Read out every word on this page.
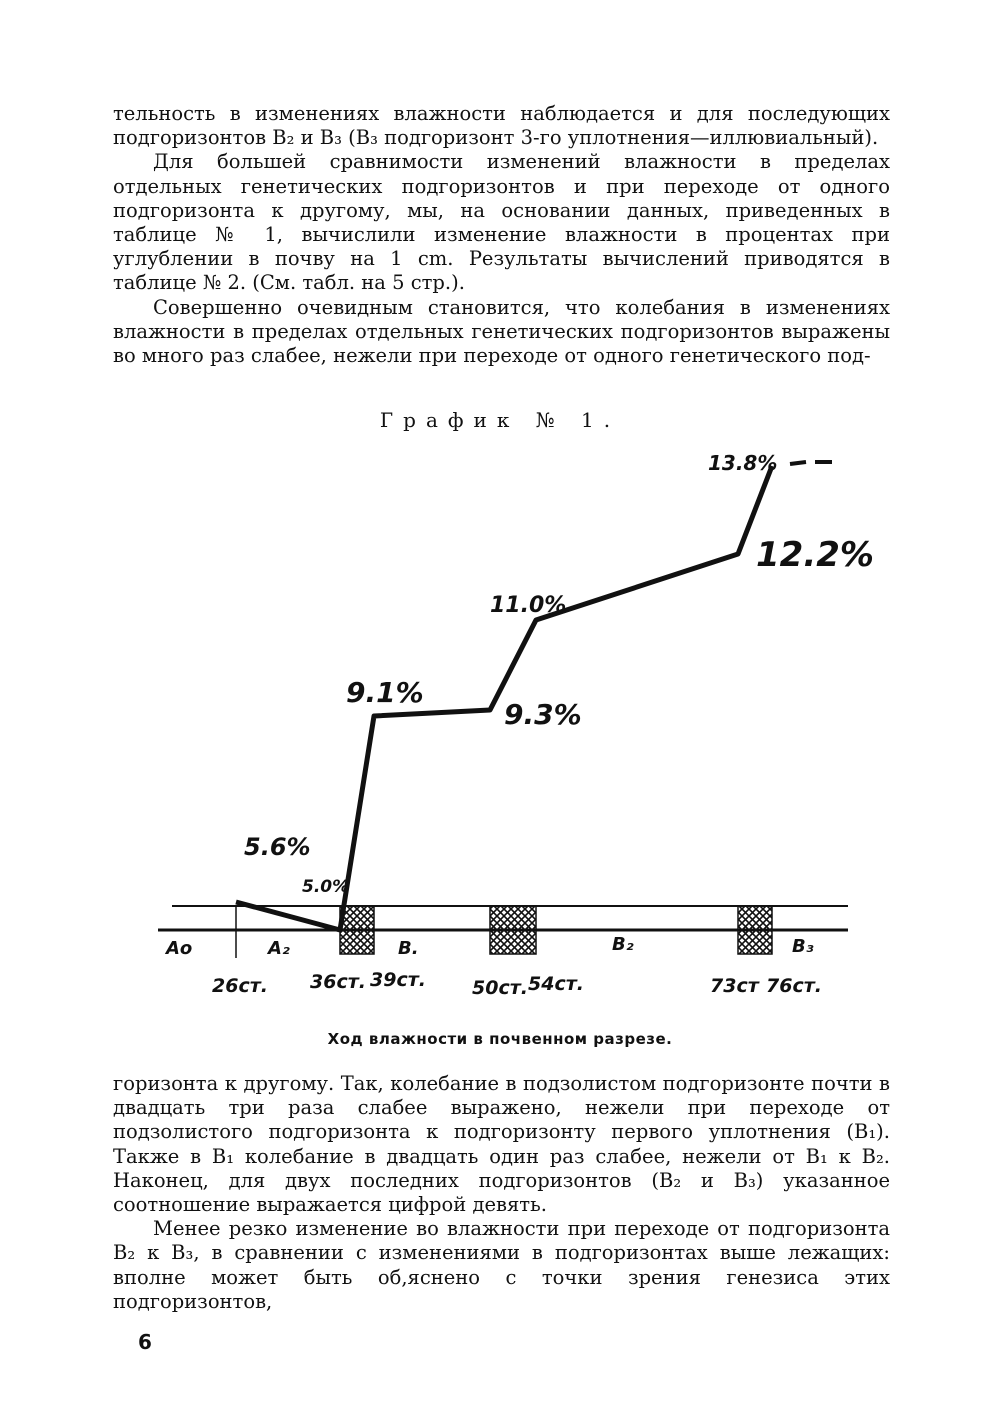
тельность в изменениях влажности наблюдается и для последующих подгоризонтов В₂ и В₃ (В₃ подгоризонт 3-го уплотнения—иллювиальный).

Для большей сравнимости изменений влажности в пределах отдельных генетических подгоризонтов и при переходе от одного подгоризонта к другому, мы, на основании данных, приведенных в таблице № 1, вычислили изменение влажности в процентах при углублении в почву на 1 cm. Результаты вычислений приводятся в таблице № 2. (См. табл. на 5 стр.).

Совершенно очевидным становится, что колебания в изменениях влажности в пределах отдельных генетических подгоризонтов выражены во много раз слабее, нежели при переходе от одного генетического под-

График № 1.
Ao	A₂	B.	B₂	B₃
26cт. 36cт. 39cт. 50cт. 54cт.	73cт 76cт.
5.6%
5.0%
9.1%
9.3%
11.0%
12.2%
13.8%
Ход влажности в почвенном разрезе.

горизонта к другому. Так, колебание в подзолистом подгоризонте почти в двадцать три раза слабее выражено, нежели при переходе от подзолистого подгоризонта к подгоризонту первого уплотнения (В₁). Также в В₁ колебание в двадцать один раз слабее, нежели от В₁ к В₂. Наконец, для двух последних подгоризонтов (В₂ и В₃) указанное соотношение выражается цифрой девять.

Менее резко изменение во влажности при переходе от подгоризонта В₂ к В₃, в сравнении с изменениями в подгоризонтах выше лежащих: вполне может быть об,яснено с точки зрения генезиса этих подгоризонтов,

6
